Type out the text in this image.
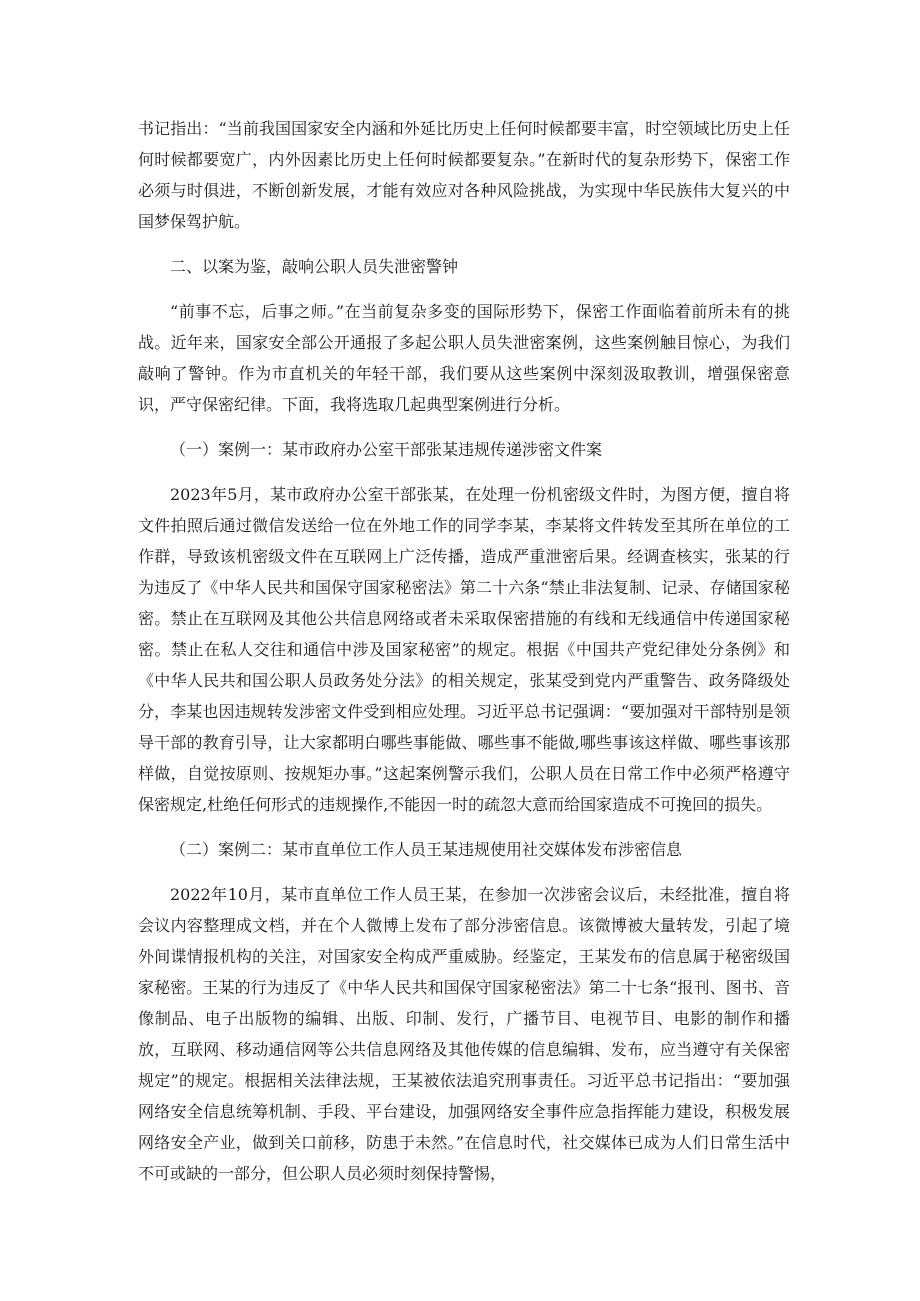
书记指出：“当前我国国家安全内涵和外延比历史上任何时候都要丰富，时空领域比历史上任何时候都要宽广，内外因素比历史上任何时候都要复杂。”在新时代的复杂形势下，保密工作必须与时俱进，不断创新发展，才能有效应对各种风险挑战，为实现中华民族伟大复兴的中国梦保驾护航。

二、以案为鉴，敲响公职人员失泄密警钟

“前事不忘，后事之师。”在当前复杂多变的国际形势下，保密工作面临着前所未有的挑战。近年来，国家安全部公开通报了多起公职人员失泄密案例，这些案例触目惊心，为我们敲响了警钟。作为市直机关的年轻干部，我们要从这些案例中深刻汲取教训，增强保密意识，严守保密纪律。下面，我将选取几起典型案例进行分析。

（一）案例一：某市政府办公室干部张某违规传递涉密文件案

2023年5月，某市政府办公室干部张某，在处理一份机密级文件时，为图方便，擅自将文件拍照后通过微信发送给一位在外地工作的同学李某，李某将文件转发至其所在单位的工作群，导致该机密级文件在互联网上广泛传播，造成严重泄密后果。经调查核实，张某的行为违反了《中华人民共和国保守国家秘密法》第二十六条“禁止非法复制、记录、存储国家秘密。禁止在互联网及其他公共信息网络或者未采取保密措施的有线和无线通信中传递国家秘密。禁止在私人交往和通信中涉及国家秘密”的规定。根据《中国共产党纪律处分条例》和《中华人民共和国公职人员政务处分法》的相关规定，张某受到党内严重警告、政务降级处分，李某也因违规转发涉密文件受到相应处理。习近平总书记强调：“要加强对干部特别是领导干部的教育引导，让大家都明白哪些事能做、哪些事不能做,哪些事该这样做、哪些事该那样做，自觉按原则、按规矩办事。”这起案例警示我们，公职人员在日常工作中必须严格遵守保密规定,杜绝任何形式的违规操作,不能因一时的疏忽大意而给国家造成不可挽回的损失。

（二）案例二：某市直单位工作人员王某违规使用社交媒体发布涉密信息

2022年10月，某市直单位工作人员王某，在参加一次涉密会议后，未经批准，擅自将会议内容整理成文档，并在个人微博上发布了部分涉密信息。该微博被大量转发，引起了境外间谍情报机构的关注，对国家安全构成严重威胁。经鉴定，王某发布的信息属于秘密级国家秘密。王某的行为违反了《中华人民共和国保守国家秘密法》第二十七条“报刊、图书、音像制品、电子出版物的编辑、出版、印制、发行，广播节目、电视节目、电影的制作和播放，互联网、移动通信网等公共信息网络及其他传媒的信息编辑、发布，应当遵守有关保密规定”的规定。根据相关法律法规，王某被依法追究刑事责任。习近平总书记指出：“要加强网络安全信息统筹机制、手段、平台建设，加强网络安全事件应急指挥能力建设，积极发展网络安全产业，做到关口前移，防患于未然。”在信息时代，社交媒体已成为人们日常生活中不可或缺的一部分，但公职人员必须时刻保持警惕，
